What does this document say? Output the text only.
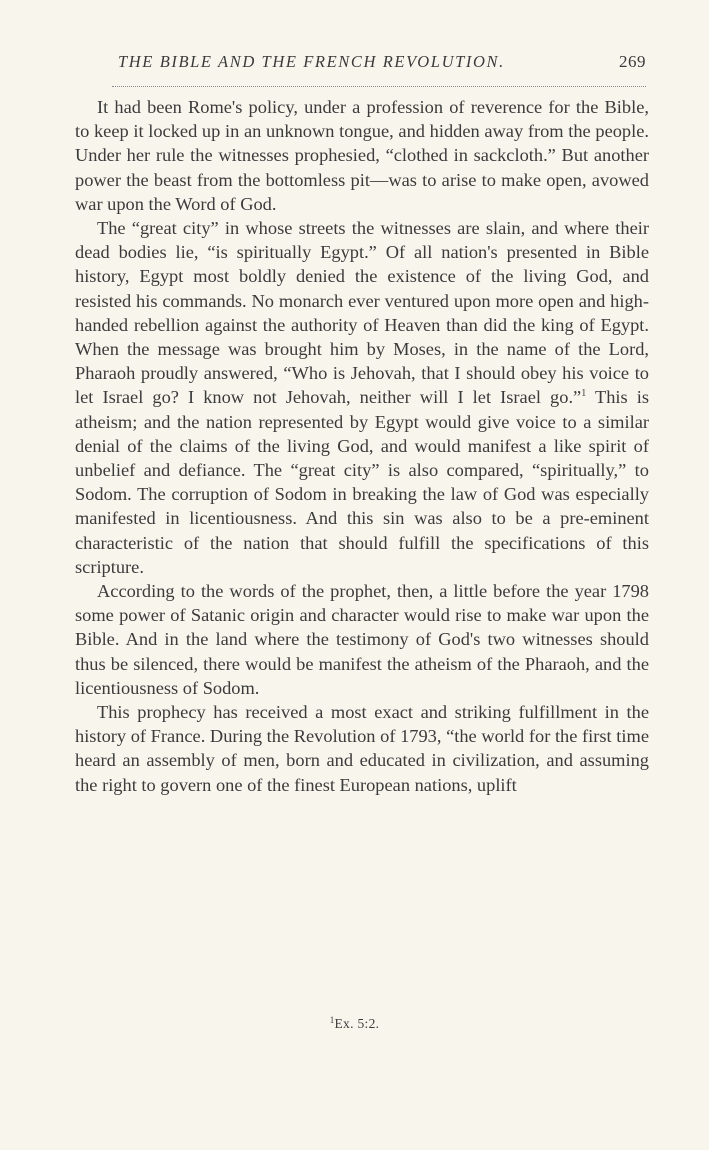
THE BIBLE AND THE FRENCH REVOLUTION.	269

It had been Rome's policy, under a profession of reverence for the Bible, to keep it locked up in an unknown tongue, and hidden away from the people. Under her rule the witnesses prophesied, “clothed in sackcloth.” But another power the beast from the bottomless pit—was to arise to make open, avowed war upon the Word of God.

The “great city” in whose streets the witnesses are slain, and where their dead bodies lie, “is spiritually Egypt.” Of all nation's presented in Bible history, Egypt most boldly denied the existence of the living God, and resisted his commands. No monarch ever ventured upon more open and high-handed rebellion against the authority of Heaven than did the king of Egypt. When the message was brought him by Moses, in the name of the Lord, Pharaoh proudly answered, “Who is Jehovah, that I should obey his voice to let Israel go? I know not Jehovah, neither will I let Israel go.”$^1$ This is atheism; and the nation represented by Egypt would give voice to a similar denial of the claims of the living God, and would manifest a like spirit of unbelief and defiance. The “great city” is also compared, “spiritually,” to Sodom. The corruption of Sodom in breaking the law of God was especially manifested in licentiousness. And this sin was also to be a pre-eminent characteristic of the nation that should fulfill the specifications of this scripture.

According to the words of the prophet, then, a little before the year 1798 some power of Satanic origin and character would rise to make war upon the Bible. And in the land where the testimony of God's two witnesses should thus be silenced, there would be manifest the atheism of the Pharaoh, and the licentiousness of Sodom.

This prophecy has received a most exact and striking fulfillment in the history of France. During the Revolution of 1793, “the world for the first time heard an assembly of men, born and educated in civilization, and assuming the right to govern one of the finest European nations, uplift

$^1$Ex. 5:2.
